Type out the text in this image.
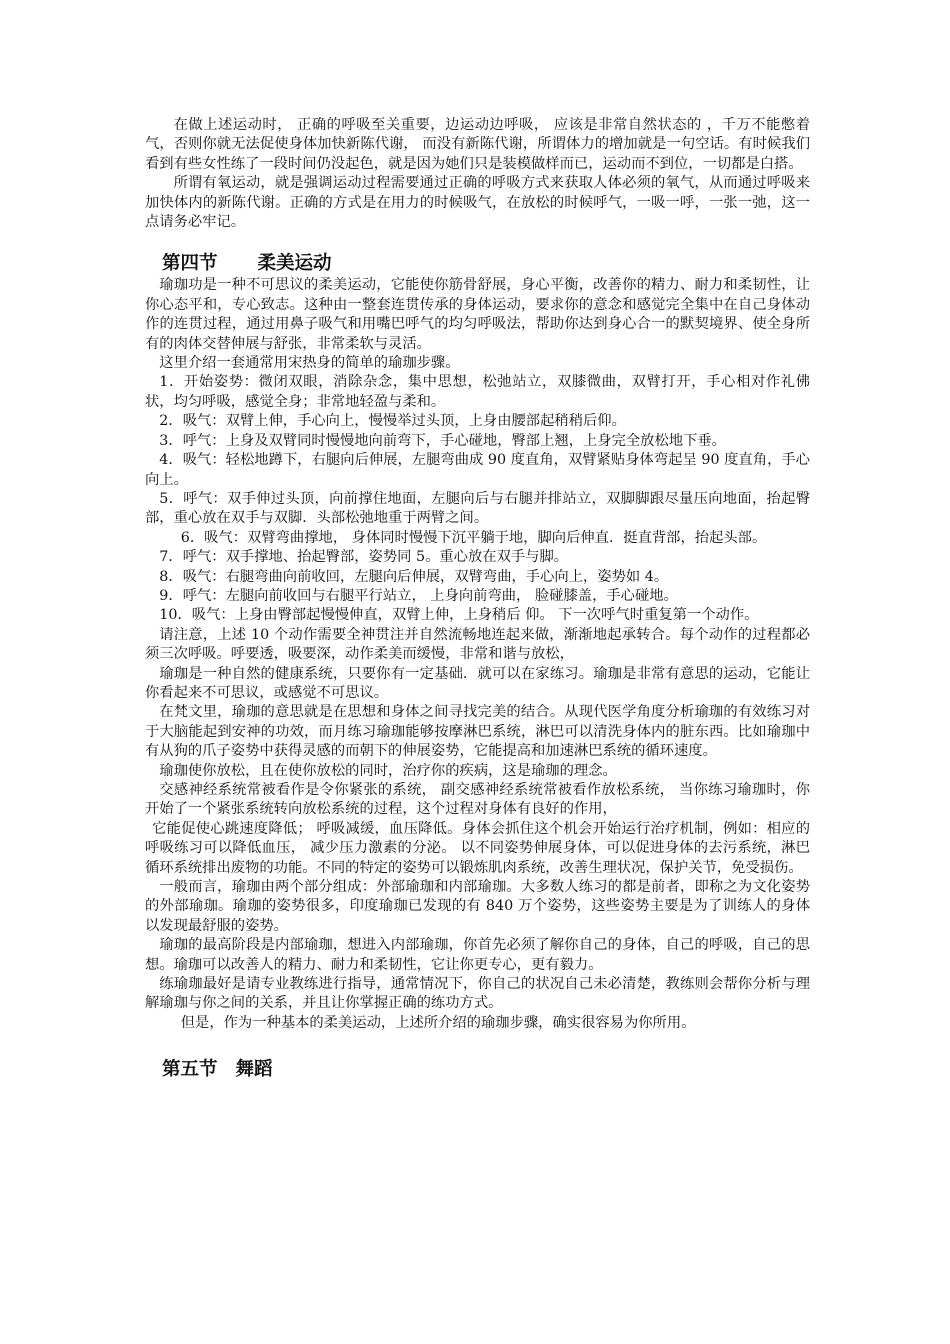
在做上述运动时， 正确的呼吸至关重要，边运动边呼吸， 应该是非常自然状态的 ，千万不能憋着气，否则你就无法促使身体加快新陈代谢， 而没有新陈代谢，所谓体力的增加就是一句空话。有时候我们看到有些女性练了一段时间仍没起色，就是因为她们只是装模做样而已，运动而不到位，一切都是白搭。

所谓有氧运动，就是强调运动过程需要通过正确的呼吸方式来获取人体必须的氧气，从而通过呼吸来加快体内的新陈代谢。正确的方式是在用力的时候吸气，在放松的时候呼气，一吸一呼，一张一弛，这一点请务必牢记。

第四节 柔美运动

瑜珈功是一种不可思议的柔美运动，它能使你筋骨舒展，身心平衡，改善你的精力、耐力和柔韧性，让你心态平和，专心致志。这种由一整套连贯传承的身体运动，要求你的意念和感觉完全集中在自己身体动作的连贯过程，通过用鼻子吸气和用嘴巴呼气的均匀呼吸法，帮助你达到身心合一的默契境界、使全身所有的肉体交替伸展与舒张，非常柔软与灵活。

这里介绍一套通常用宋热身的简单的瑜珈步骤。

1．开始姿势：微闭双眼，消除杂念，集中思想，松弛站立，双膝微曲，双臂打开，手心相对作礼佛状，均匀呼吸，感觉全身；非常地轻盈与柔和。

2．吸气：双臂上伸，手心向上，慢慢举过头顶，上身由腰部起稍稍后仰。

3．呼气：上身及双臂同时慢慢地向前弯下，手心碰地，臀部上翘，上身完全放松地下垂。

4．吸气：轻松地蹲下，右腿向后伸展，左腿弯曲成 90 度直角，双臂紧贴身体弯起呈 90 度直角，手心向上。

5．呼气：双手伸过头顶，向前撑住地面，左腿向后与右腿并排站立，双脚脚跟尽量压向地面，抬起臀部，重心放在双手与双脚．头部松弛地重于两臂之间。

6．吸气：双臂弯曲撑地， 身体同时慢慢下沉平躺于地，脚向后伸直．挺直背部，抬起头部。

7．呼气：双手撑地、抬起臀部，姿势同 5。重心放在双手与脚。

8．吸气：右腿弯曲向前收回，左腿向后伸展，双臂弯曲，手心向上，姿势如 4。

9．呼气：左腿向前收回与右腿平行站立， 上身向前弯曲， 脸碰膝盖，手心碰地。

10．吸气：上身由臀部起慢慢伸直，双臂上伸，上身稍后 仰。 下一次呼气时重复第一个动作。

请注意，上述 10 个动作需要全神贯注并自然流畅地连起来做，渐渐地起承转合。每个动作的过程都必须三次呼吸。呼要透，吸要深，动作柔美而缓慢，非常和谐与放松，

瑜珈是一种自然的健康系统，只要你有一定基础．就可以在家练习。瑜珈是非常有意思的运动，它能让你看起来不可思议，或感觉不可思议。

在梵文里，瑜珈的意思就是在思想和身体之间寻找完美的结合。从现代医学角度分析瑜珈的有效练习对于大脑能起到安神的功效，而月练习瑜珈能够按摩淋巴系统，淋巴可以清洗身体内的脏东西。比如瑜珈中有从狗的爪子姿势中获得灵感的而朝下的伸展姿势，它能提高和加速淋巴系统的循环速度。

瑜珈使你放松，且在使你放松的同时，治疗你的疾病，这是瑜珈的理念。

交感神经系统常被看作是令你紧张的系统， 副交感神经系统常被看作放松系统， 当你练习瑜珈时，你开始了一个紧张系统转向放松系统的过程，这个过程对身体有良好的作用，

它能促使心跳速度降低； 呼吸减缓，血压降低。身体会抓住这个机会开始运行治疗机制，例如：相应的呼吸练习可以降低血压， 减少压力激素的分泌。 以不同姿势伸展身体，可以促进身体的去污系统，淋巴循环系统排出废物的功能。不同的特定的姿势可以锻炼肌肉系统，改善生理状况，保护关节，免受损伤。

一般而言，瑜珈由两个部分组成：外部瑜珈和内部瑜珈。大多数人练习的都是前者，即称之为文化姿势的外部瑜珈。瑜珈的姿势很多，印度瑜珈已发现的有 840 万个姿势，这些姿势主要是为了训练人的身体以发现最舒服的姿势。

瑜珈的最高阶段是内部瑜珈，想进入内部瑜珈，你首先必须了解你自己的身体，自己的呼吸，自己的思想。瑜珈可以改善人的精力、耐力和柔韧性，它让你更专心，更有毅力。

练瑜珈最好是请专业教练进行指导，通常情况下，你自己的状况自己未必清楚，教练则会帮你分析与理解瑜珈与你之间的关系，并且让你掌握正确的练功方式。

但是，作为一种基本的柔美运动，上述所介绍的瑜珈步骤，确实很容易为你所用。

第五节 舞蹈
